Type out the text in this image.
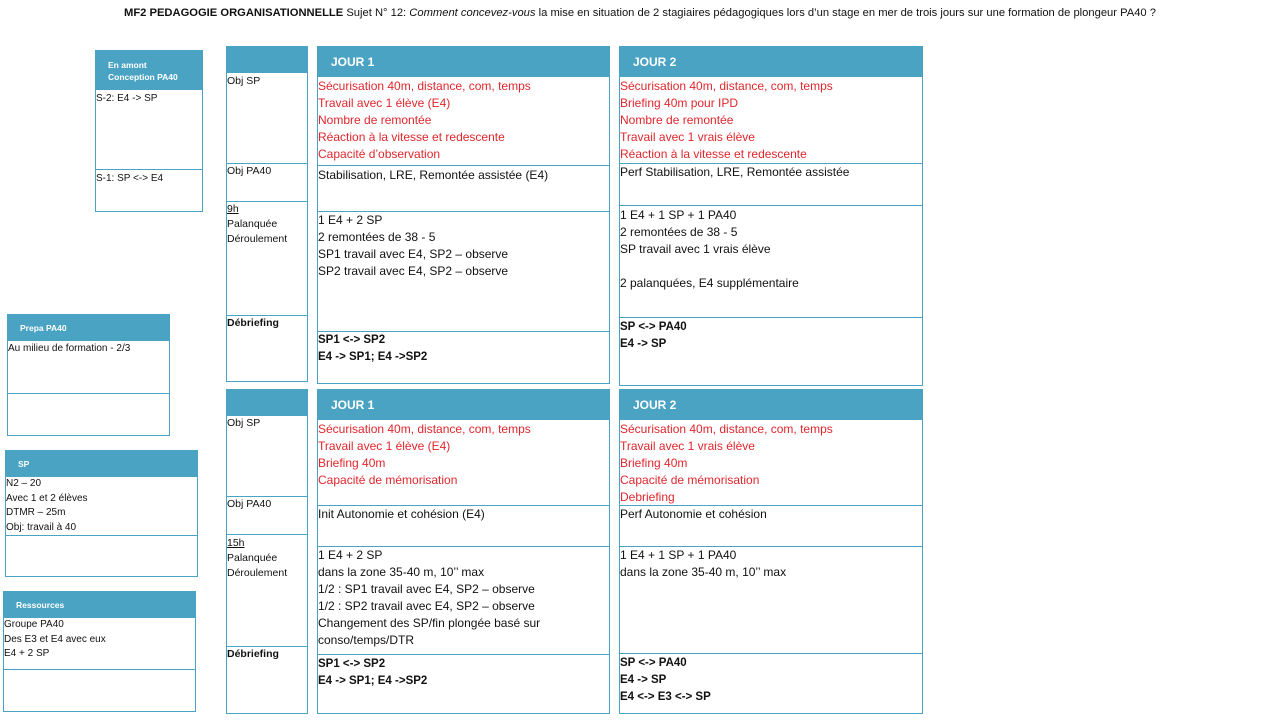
MF2 PEDAGOGIE ORGANISATIONNELLE Sujet N° 12: Comment concevez-vous la mise en situation de 2 stagiaires pédagogiques lors d’un stage en mer de trois jours sur une formation de plongeur PA40 ?
En amont
Conception PA40
S-2: E4 -> SP
S-1: SP <-> E4
Prepa PA40
Au milieu de formation - 2/3
SP
N2 – 20
Avec 1 et 2 élèves
DTMR – 25m
Obj: travail à 40
Ressources
Groupe PA40
Des E3 et E4 avec eux
E4 + 2 SP
Obj SP
Obj PA40
9h
Palanquée
Déroulement
Débriefing
Obj SP
Obj PA40
15h
Palanquée
Déroulement
Débriefing
JOUR 1
Sécurisation 40m, distance, com, temps
Travail avec 1 élève (E4)
Nombre de remontée
Réaction à la vitesse et redescente
Capacité d’observation
Stabilisation, LRE, Remontée assistée (E4)
1 E4 + 2 SP
2 remontées de 38 - 5
SP1 travail avec E4, SP2 – observe
SP2 travail avec E4, SP2 – observe
SP1 <-> SP2
E4 -> SP1; E4 ->SP2
JOUR 2
Sécurisation 40m, distance, com, temps
Briefing 40m pour IPD
Nombre de remontée
Travail avec 1 vrais élève
Réaction à la vitesse et redescente
Perf Stabilisation, LRE, Remontée assistée
1 E4 + 1 SP + 1 PA40
2 remontées de 38 - 5
SP travail avec 1 vrais élève
2 palanquées, E4 supplémentaire
SP <-> PA40
E4 -> SP
JOUR 1
Sécurisation 40m, distance, com, temps
Travail avec 1 élève (E4)
Briefing 40m
Capacité de mémorisation
Init Autonomie et cohésion (E4)
1 E4 + 2 SP
dans la zone 35-40 m, 10’’ max
1/2 : SP1 travail avec E4, SP2 – observe
1/2 : SP2 travail avec E4, SP2 – observe
Changement des SP/fin plongée basé sur
conso/temps/DTR
SP1 <-> SP2
E4 -> SP1; E4 ->SP2
JOUR 2
Sécurisation 40m, distance, com, temps
Travail avec 1 vrais élève
Briefing 40m
Capacité de mémorisation
Debriefing
Perf Autonomie et cohésion
1 E4 + 1 SP + 1 PA40
dans la zone 35-40 m, 10’’ max
SP <-> PA40
E4 -> SP
E4 <-> E3 <-> SP
